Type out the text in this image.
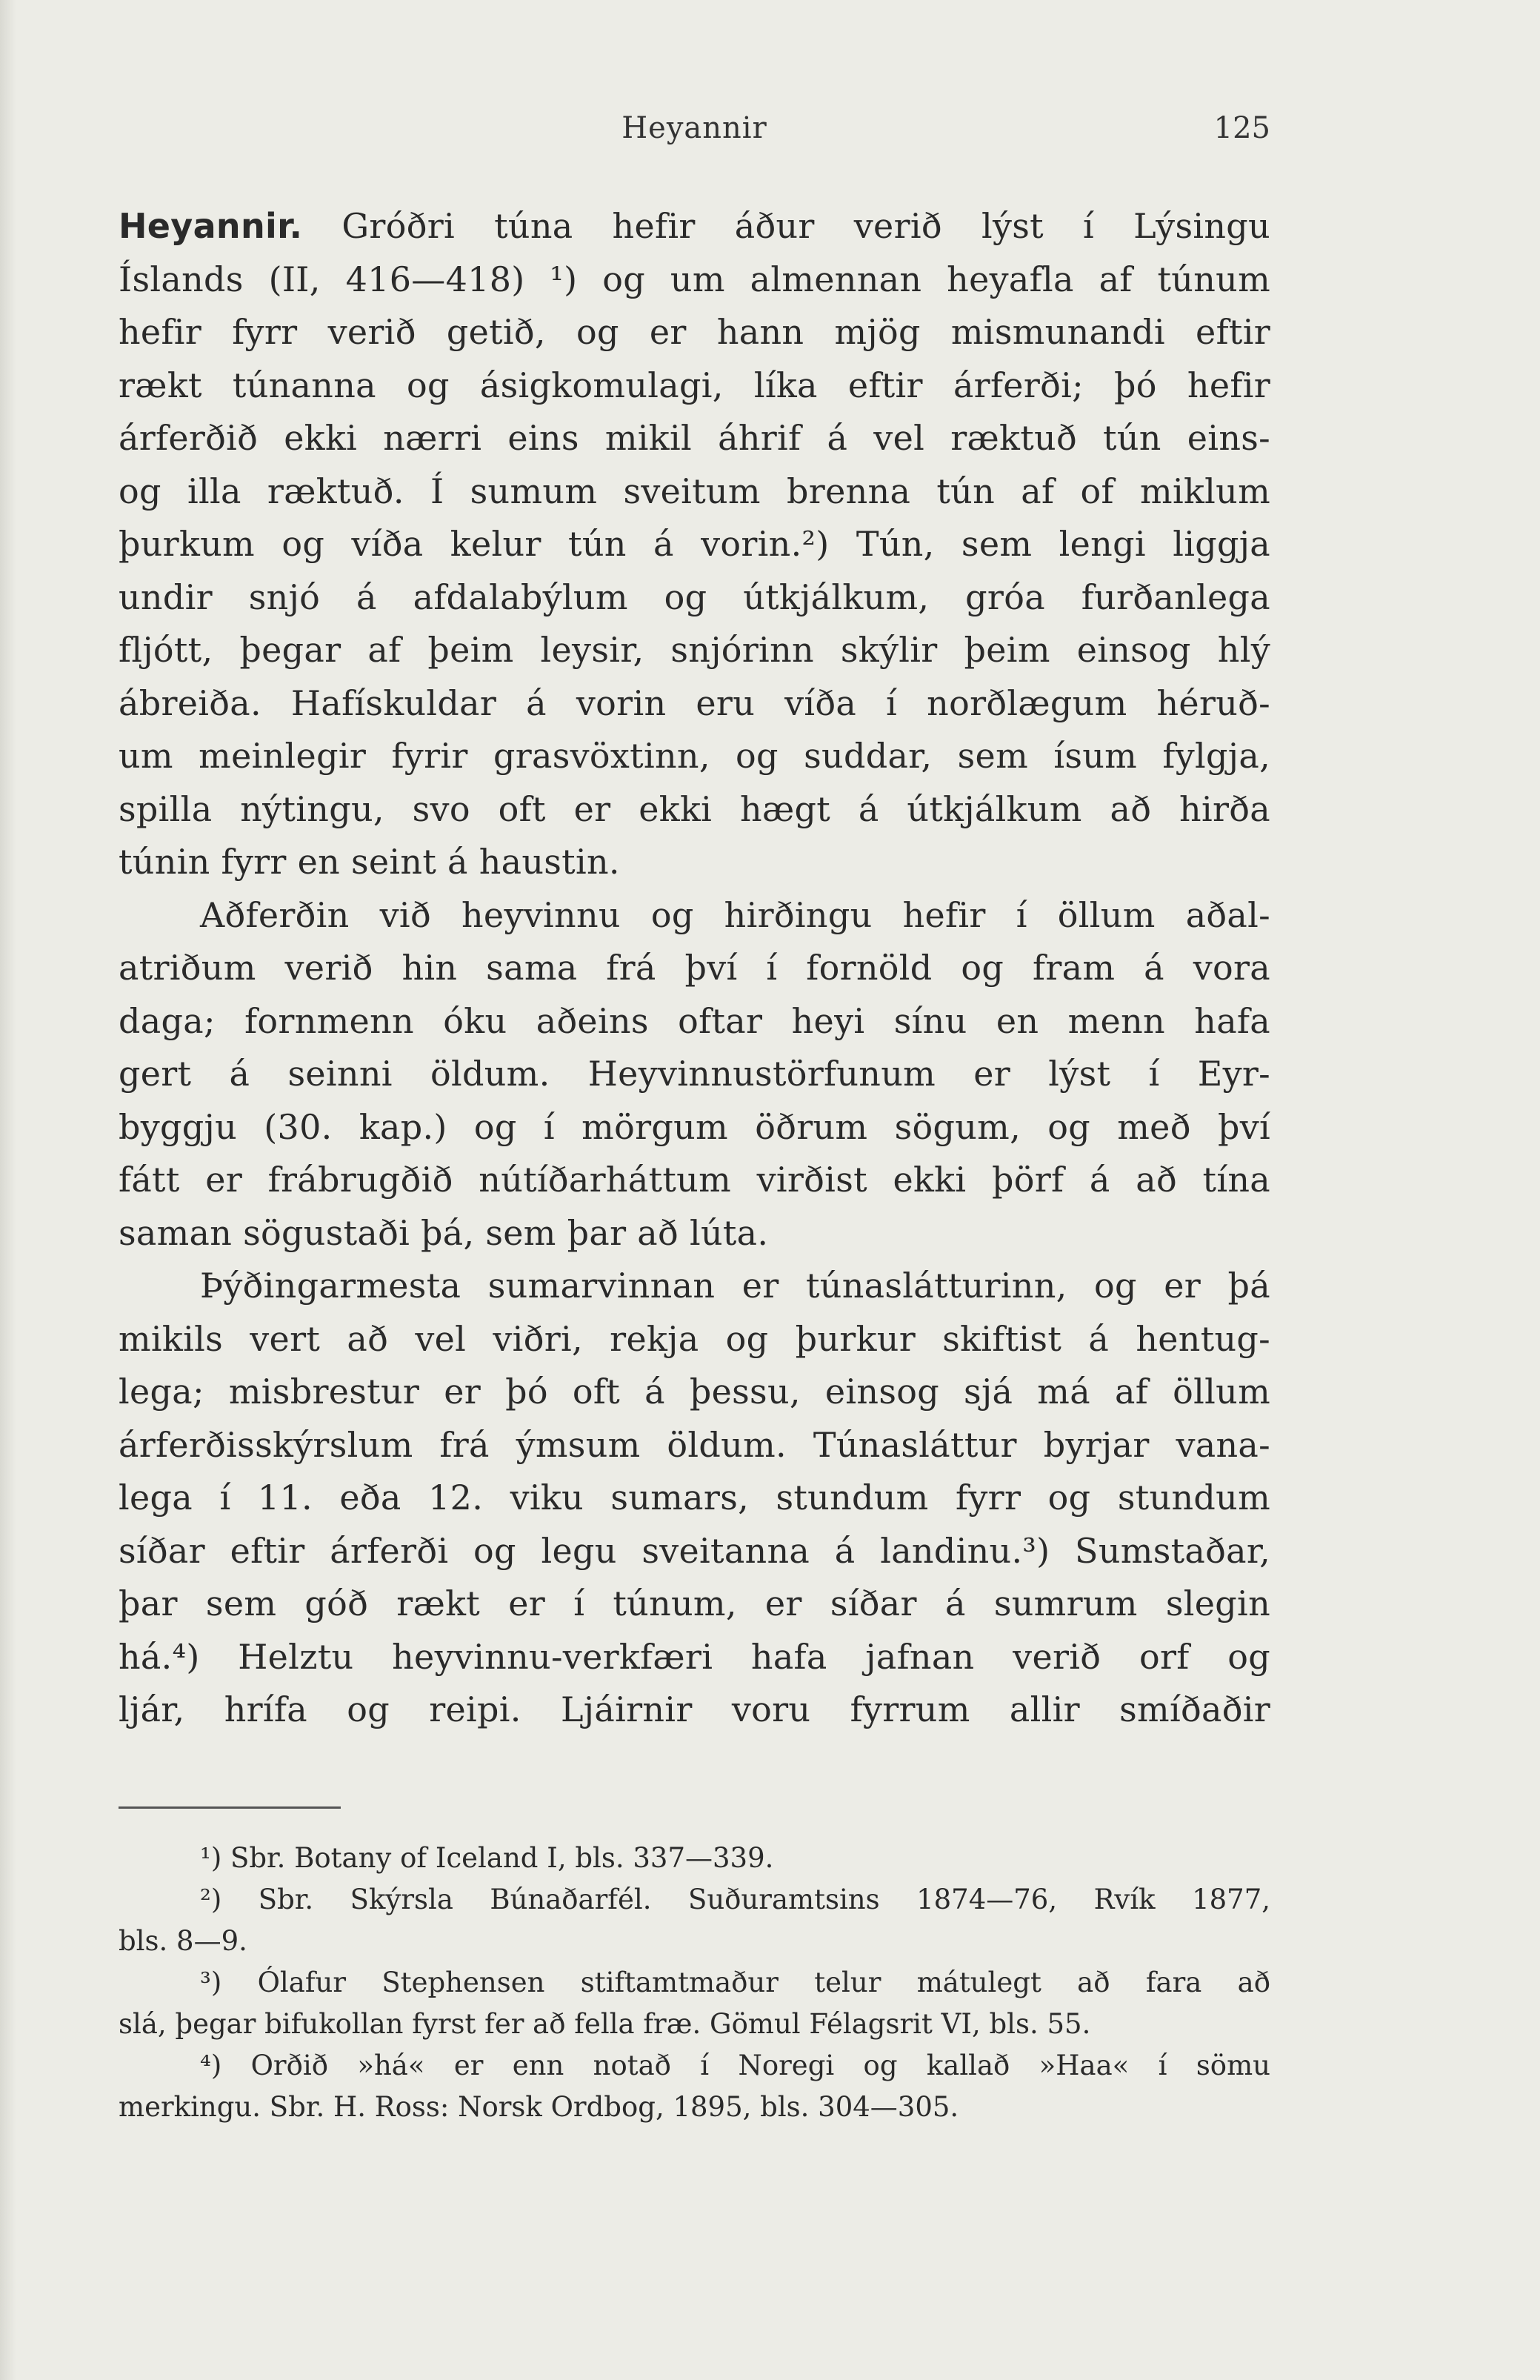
Heyannir	125
Heyannir. Gróðri túna hefir áður verið lýst í Lýsingu
Íslands (II, 416—418) ¹) og um almennan heyafla af túnum
hefir fyrr verið getið, og er hann mjög mismunandi eftir
rækt túnanna og ásigkomulagi, líka eftir árferði; þó hefir
árferðið ekki nærri eins mikil áhrif á vel ræktuð tún eins-
og illa ræktuð. Í sumum sveitum brenna tún af of miklum
þurkum og víða kelur tún á vorin.²) Tún, sem lengi liggja
undir snjó á afdalabýlum og útkjálkum, gróa furðanlega
fljótt, þegar af þeim leysir, snjórinn skýlir þeim einsog hlý
ábreiða. Hafískuldar á vorin eru víða í norðlægum héruð-
um meinlegir fyrir grasvöxtinn, og suddar, sem ísum fylgja,
spilla nýtingu, svo oft er ekki hægt á útkjálkum að hirða
túnin fyrr en seint á haustin.
Aðferðin við heyvinnu og hirðingu hefir í öllum aðal-
atriðum verið hin sama frá því í fornöld og fram á vora
daga; fornmenn óku aðeins oftar heyi sínu en menn hafa
gert á seinni öldum. Heyvinnustörfunum er lýst í Eyr-
byggju (30. kap.) og í mörgum öðrum sögum, og með því
fátt er frábrugðið nútíðarháttum virðist ekki þörf á að tína
saman sögustaði þá, sem þar að lúta.
Þýðingarmesta sumarvinnan er túnaslátturinn, og er þá
mikils vert að vel viðri, rekja og þurkur skiftist á hentug-
lega; misbrestur er þó oft á þessu, einsog sjá má af öllum
árferðisskýrslum frá ýmsum öldum. Túnasláttur byrjar vana-
lega í 11. eða 12. viku sumars, stundum fyrr og stundum
síðar eftir árferði og legu sveitanna á landinu.³) Sumstaðar,
þar sem góð rækt er í túnum, er síðar á sumrum slegin
há.⁴) Helztu heyvinnu-verkfæri hafa jafnan verið orf og
ljár, hrífa og reipi. Ljáirnir voru fyrrum allir smíðaðir
¹) Sbr. Botany of Iceland I, bls. 337—339.
²) Sbr. Skýrsla Búnaðarfél. Suðuramtsins 1874—76, Rvík 1877,
bls. 8—9.
³) Ólafur Stephensen stiftamtmaður telur mátulegt að fara að
slá, þegar bifukollan fyrst fer að fella fræ. Gömul Félagsrit VI, bls. 55.
⁴) Orðið »há« er enn notað í Noregi og kallað »Haa« í sömu
merkingu. Sbr. H. Ross: Norsk Ordbog, 1895, bls. 304—305.
